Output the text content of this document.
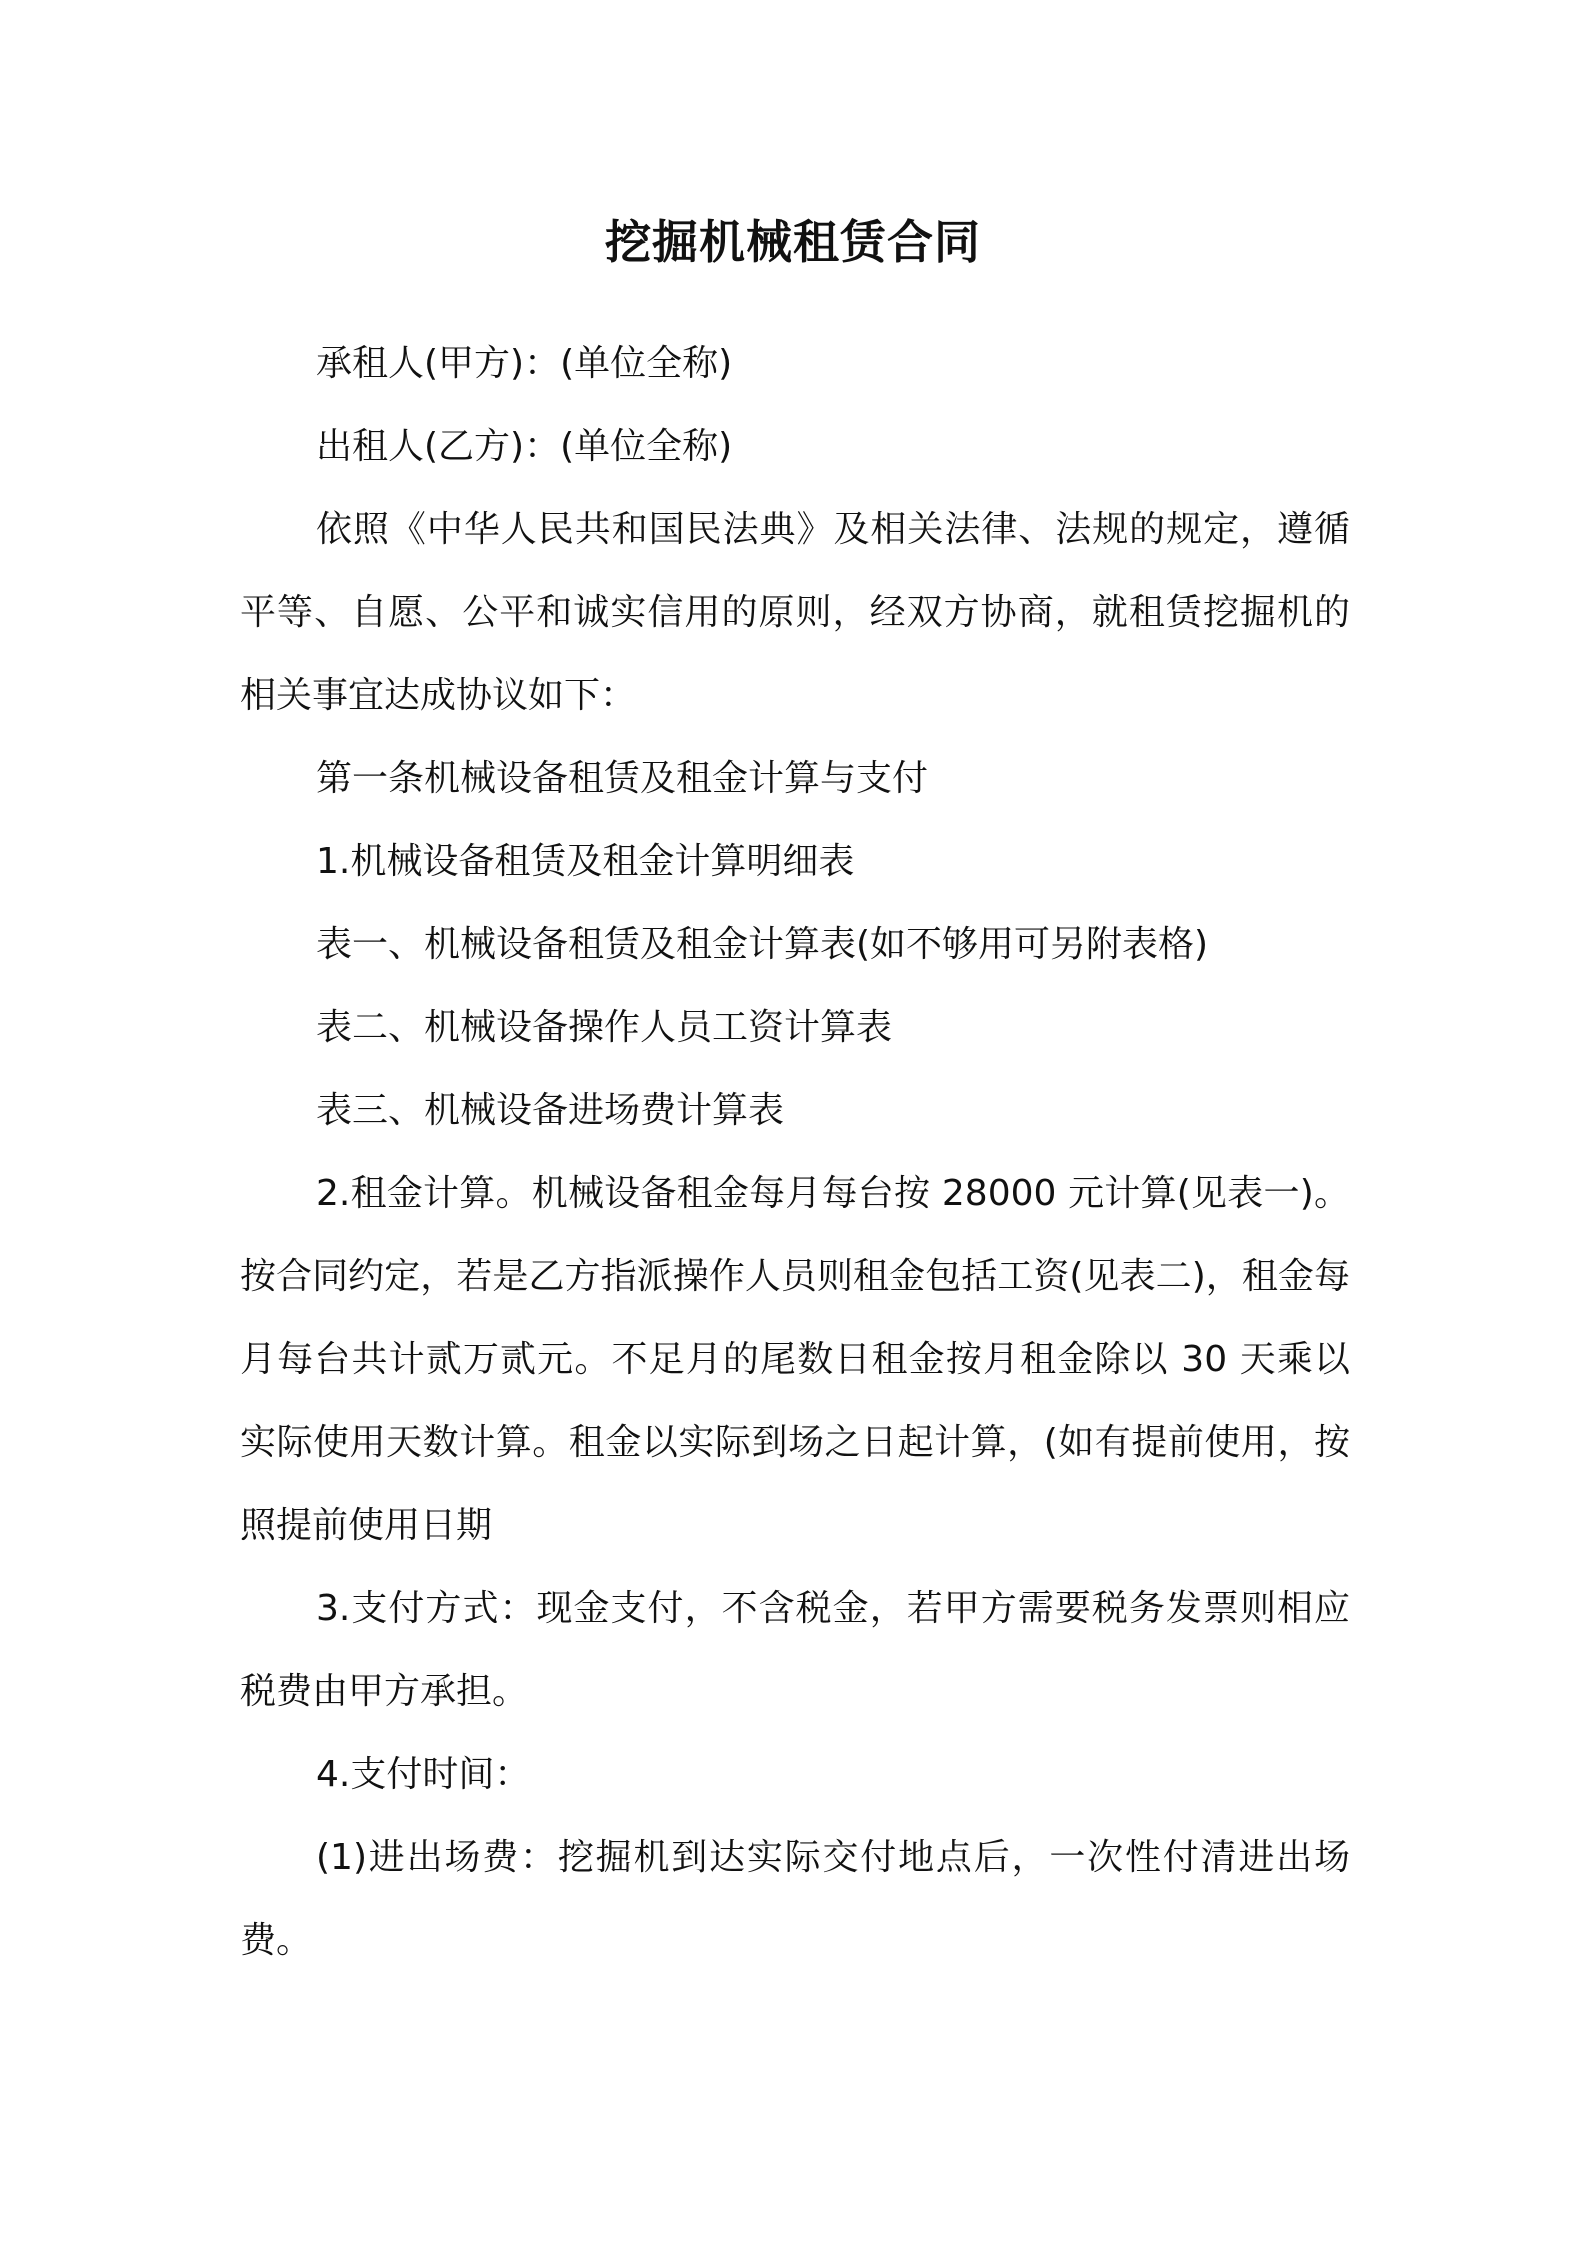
挖掘机械租赁合同

承租人(甲方)：(单位全称)

出租人(乙方)：(单位全称)

依照《中华人民共和国民法典》及相关法律、法规的规定，遵循平等、自愿、公平和诚实信用的原则，经双方协商，就租赁挖掘机的相关事宜达成协议如下：

第一条机械设备租赁及租金计算与支付

1.机械设备租赁及租金计算明细表

表一、机械设备租赁及租金计算表(如不够用可另附表格)

表二、机械设备操作人员工资计算表

表三、机械设备进场费计算表

2.租金计算。机械设备租金每月每台按 28000 元计算(见表一)。按合同约定，若是乙方指派操作人员则租金包括工资(见表二)，租金每月每台共计贰万贰元。不足月的尾数日租金按月租金除以 30 天乘以实际使用天数计算。租金以实际到场之日起计算，(如有提前使用，按照提前使用日期

3.支付方式：现金支付，不含税金，若甲方需要税务发票则相应税费由甲方承担。

4.支付时间：

(1)进出场费：挖掘机到达实际交付地点后，一次性付清进出场费。
